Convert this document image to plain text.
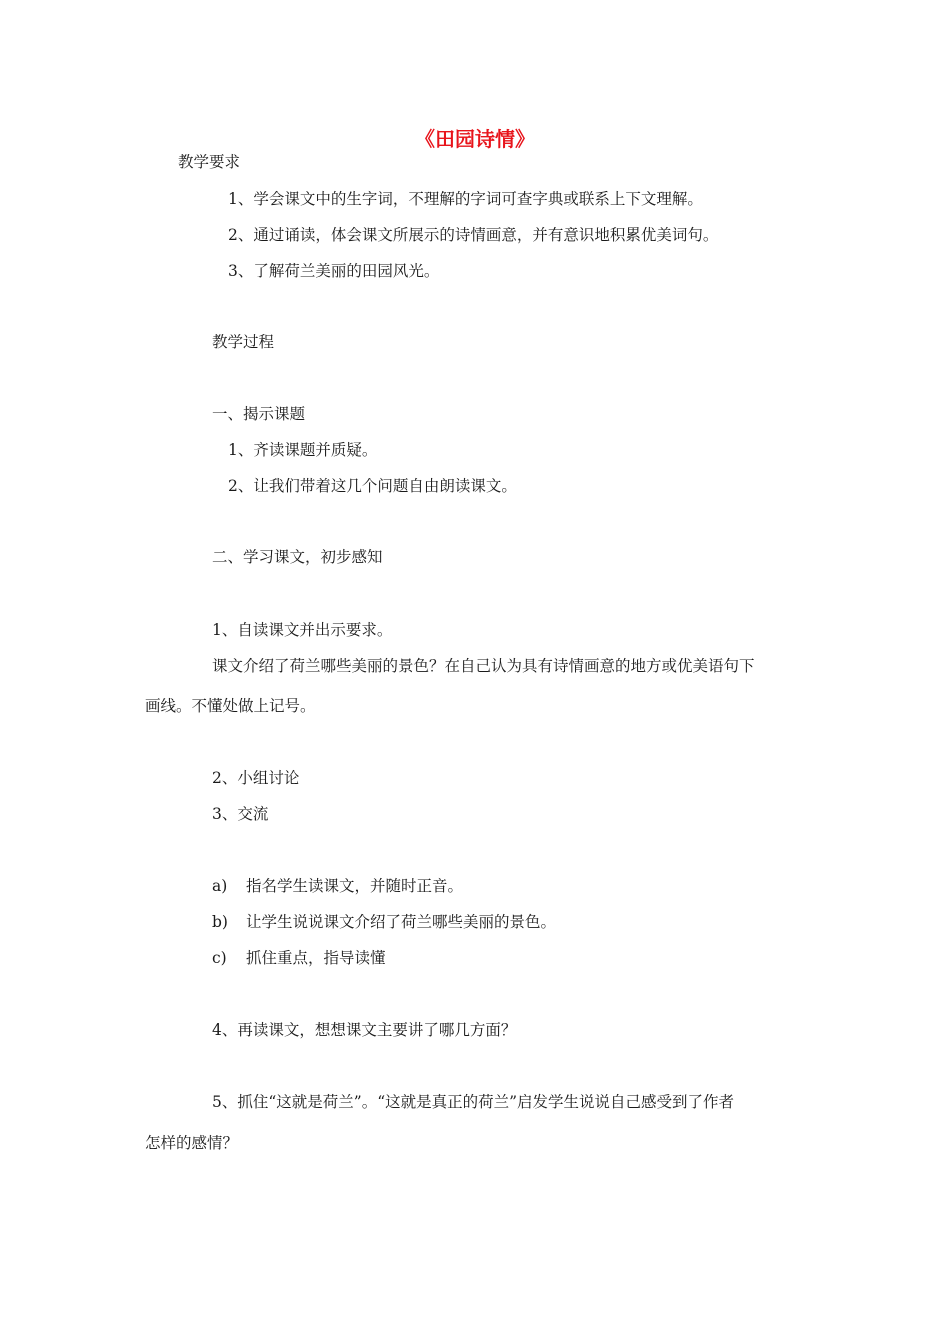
《田园诗情》
教学要求
1、学会课文中的生字词，不理解的字词可查字典或联系上下文理解。
2、通过诵读，体会课文所展示的诗情画意，并有意识地积累优美词句。
3、了解荷兰美丽的田园风光。
教学过程
一、揭示课题
1、齐读课题并质疑。
2、让我们带着这几个问题自由朗读课文。
二、学习课文，初步感知
1、自读课文并出示要求。
课文介绍了荷兰哪些美丽的景色？在自己认为具有诗情画意的地方或优美语句下
画线。不懂处做上记号。
2、小组讨论
3、交流
a) 指名学生读课文，并随时正音。
b) 让学生说说课文介绍了荷兰哪些美丽的景色。
c) 抓住重点，指导读懂
4、再读课文，想想课文主要讲了哪几方面？
5、抓住“这就是荷兰”。“这就是真正的荷兰”启发学生说说自己感受到了作者
怎样的感情？
